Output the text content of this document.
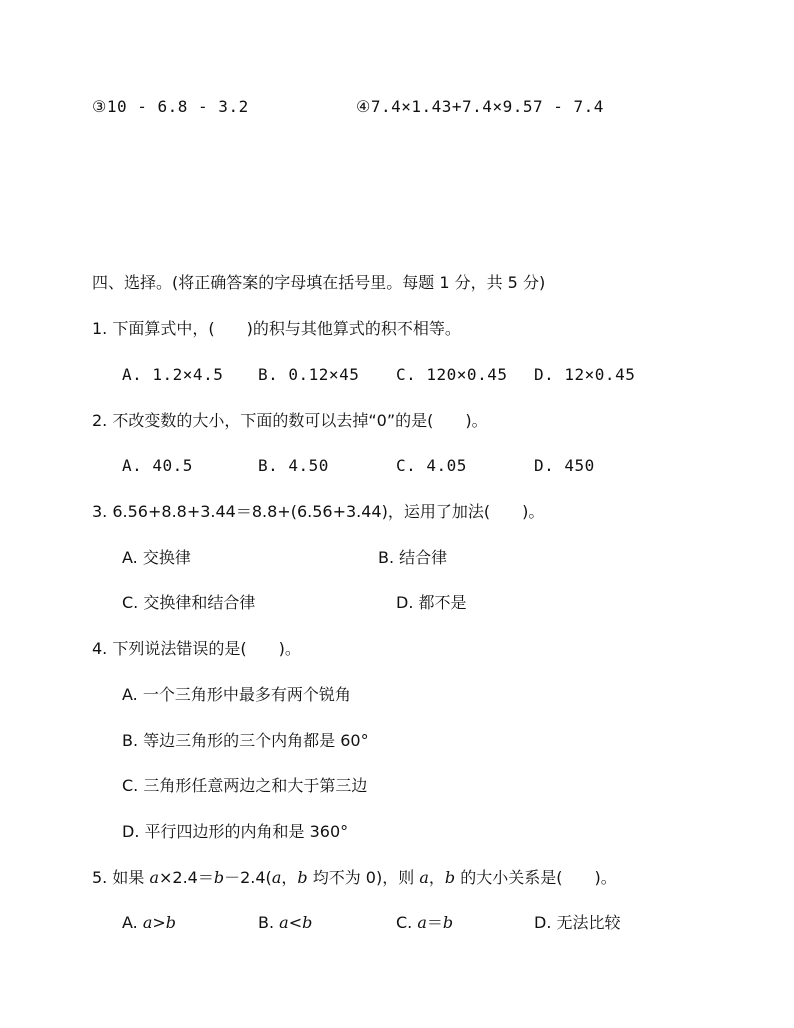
③10 - 6.8 - 3.2	④7.4×1.43+7.4×9.57 - 7.4
四、选择。(将正确答案的字母填在括号里。每题 1 分，共 5 分)
1. 下面算式中，(　　)的积与其他算式的积不相等。
A. 1.2×4.5 B. 0.12×45 C. 120×0.45 D. 12×0.45
2. 不改变数的大小，下面的数可以去掉“0”的是(　　)。
A. 40.5	B. 4.50	C. 4.05	D. 450
3. 6.56+8.8+3.44＝8.8+(6.56+3.44)，运用了加法(　　)。
A. 交换律	B. 结合律
C. 交换律和结合律	D. 都不是
4. 下列说法错误的是(　　)。
A. 一个三角形中最多有两个锐角
B. 等边三角形的三个内角都是 60°
C. 三角形任意两边之和大于第三边
D. 平行四边形的内角和是 360°
5. 如果 a×2.4＝b－2.4(a，b 均不为 0)，则 a，b 的大小关系是(　　)。
A. a>b	B. a<b	C. a＝b	D. 无法比较
